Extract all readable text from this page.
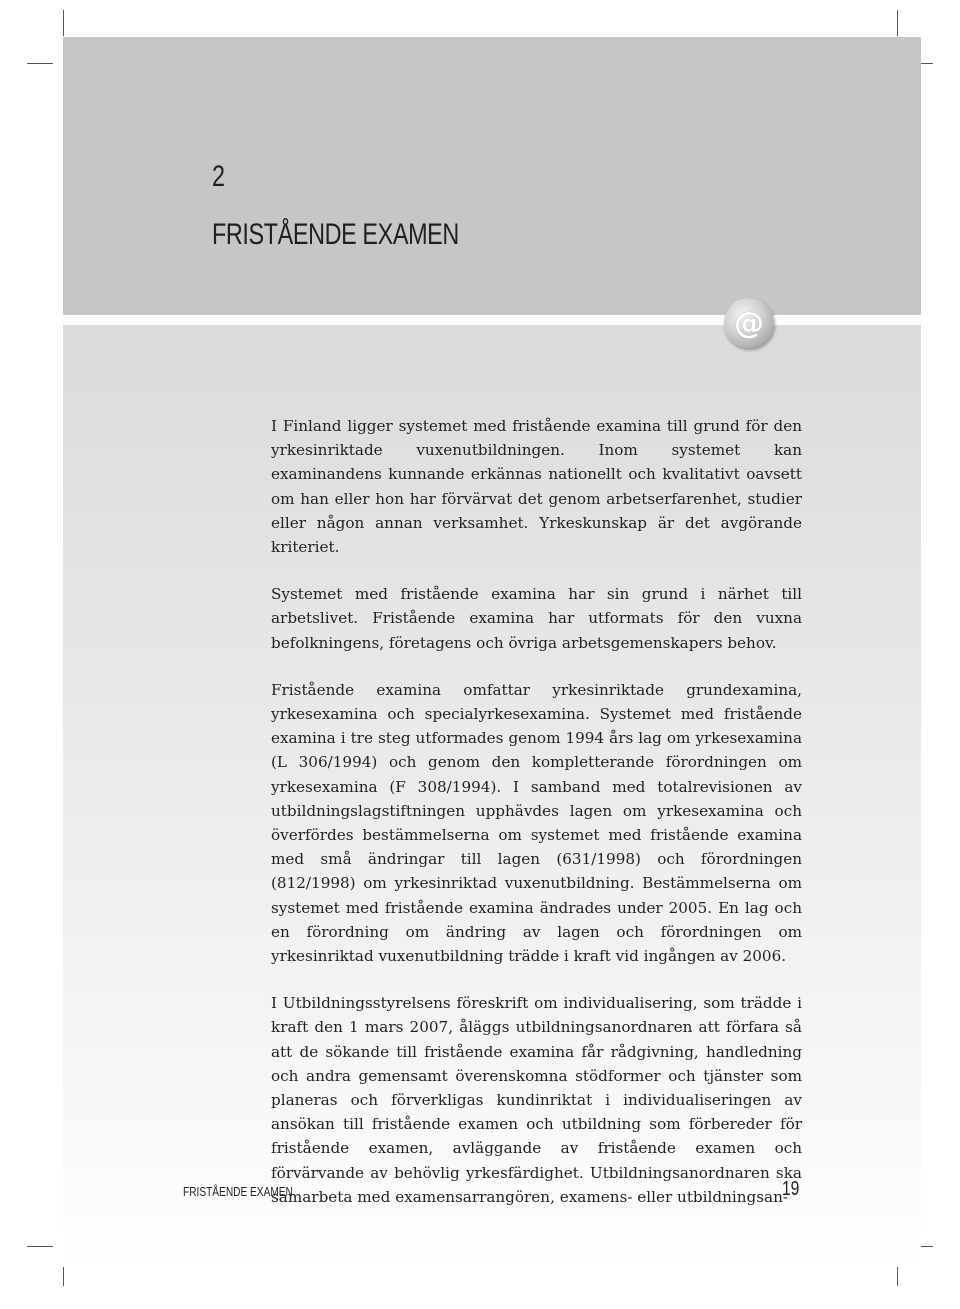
2
FRISTÅENDE EXAMEN
@

I Finland ligger systemet med fristående examina till grund för den yrkesinriktade vuxenutbildningen. Inom systemet kan examinandens kunnande erkännas nationellt och kvalitativt oavsett om han eller hon har förvärvat det genom arbetserfarenhet, studier eller någon annan verksamhet. Yrkeskunskap är det avgörande kriteriet.

Systemet med fristående examina har sin grund i närhet till arbetslivet. Fristående examina har utformats för den vuxna befolkningens, företagens och övriga arbetsgemenskapers behov.

Fristående examina omfattar yrkesinriktade grundexamina, yrkesexamina och specialyrkesexamina. Systemet med fristående examina i tre steg utformades genom 1994 års lag om yrkesexamina (L 306/1994) och genom den kompletterande förordningen om yrkesexamina (F 308/1994). I samband med totalrevisionen av utbildningslagstiftningen upphävdes lagen om yrkesexamina och överfördes bestämmelserna om systemet med fristående examina med små ändringar till lagen (631/1998) och förordningen (812/1998) om yrkesinriktad vuxenutbildning. Bestämmelserna om systemet med fristående examina ändrades under 2005. En lag och en förordning om ändring av lagen och förordningen om yrkesinriktad vuxenutbildning trädde i kraft vid ingången av 2006.

I Utbildningsstyrelsens föreskrift om individualisering, som trädde i kraft den 1 mars 2007, åläggs utbildningsanordnaren att förfara så att de sökande till fristående examina får rådgivning, handledning och andra gemensamt överenskomna stödformer och tjänster som planeras och förverkligas kundinriktat i individualiseringen av ansökan till fristående examen och utbildning som förbereder för fristående examen, avläggande av fristående examen och förvärvande av behövlig yrkesfärdighet. Utbildningsanordnaren ska samarbeta med examensarrangören, examens- eller utbildningsan-

FRISTÅENDE EXAMEN	19
